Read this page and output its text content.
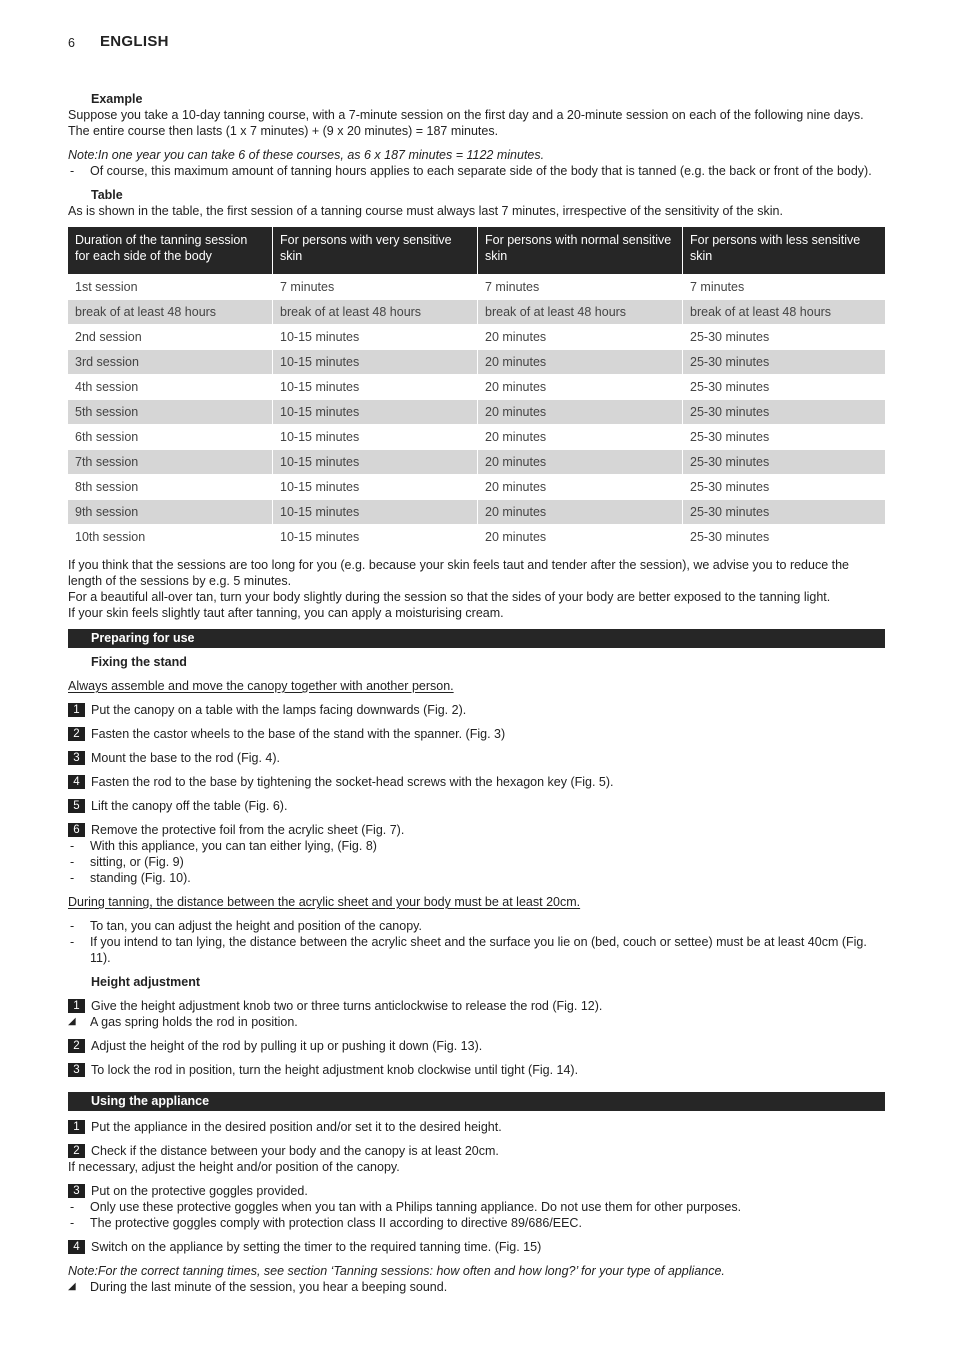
6 ENGLISH

Example

Suppose you take a 10-day tanning course, with a 7-minute session on the first day and a 20-minute session on each of the following nine days. The entire course then lasts (1 x 7 minutes) + (9 x 20 minutes) = 187 minutes.

Note:In one year you can take 6 of these courses, as 6 x 187 minutes = 1122 minutes.

-	Of course, this maximum amount of tanning hours applies to each separate side of the body that is tanned (e.g. the back or front of the body).

Table

As is shown in the table, the first session of a tanning course must always last 7 minutes, irrespective of the sensitivity of the skin.

Duration of the tanning session for each side of the body	For persons with very sensitive skin	For persons with normal sensitive skin	For persons with less sensitive skin
1st session	7 minutes	7 minutes	7 minutes
break of at least 48 hours	break of at least 48 hours	break of at least 48 hours	break of at least 48 hours
2nd session	10-15 minutes	20 minutes	25-30 minutes
3rd session	10-15 minutes	20 minutes	25-30 minutes
4th session	10-15 minutes	20 minutes	25-30 minutes
5th session	10-15 minutes	20 minutes	25-30 minutes
6th session	10-15 minutes	20 minutes	25-30 minutes
7th session	10-15 minutes	20 minutes	25-30 minutes
8th session	10-15 minutes	20 minutes	25-30 minutes
9th session	10-15 minutes	20 minutes	25-30 minutes
10th session	10-15 minutes	20 minutes	25-30 minutes

If you think that the sessions are too long for you (e.g. because your skin feels taut and tender after the session), we advise you to reduce the length of the sessions by e.g. 5 minutes.

For a beautiful all-over tan, turn your body slightly during the session so that the sides of your body are better exposed to the tanning light.

If your skin feels slightly taut after tanning, you can apply a moisturising cream.

Preparing for use

Fixing the stand

Always assemble and move the canopy together with another person.

1 Put the canopy on a table with the lamps facing downwards (Fig. 2).
2 Fasten the castor wheels to the base of the stand with the spanner. (Fig. 3)
3 Mount the base to the rod (Fig. 4).
4 Fasten the rod to the base by tightening the socket-head screws with the hexagon key (Fig. 5).
5 Lift the canopy off the table (Fig. 6).
6 Remove the protective foil from the acrylic sheet (Fig. 7).
-	With this appliance, you can tan either lying, (Fig. 8)
-	sitting, or (Fig. 9)
-	standing (Fig. 10).

During tanning, the distance between the acrylic sheet and your body must be at least 20cm.

-	To tan, you can adjust the height and position of the canopy.
-	If you intend to tan lying, the distance between the acrylic sheet and the surface you lie on (bed, couch or settee) must be at least 40cm (Fig. 11).

Height adjustment

1 Give the height adjustment knob two or three turns anticlockwise to release the rod (Fig. 12).
◢	A gas spring holds the rod in position.
2 Adjust the height of the rod by pulling it up or pushing it down (Fig. 13).
3 To lock the rod in position, turn the height adjustment knob clockwise until tight (Fig. 14).
Using the appliance
1 Put the appliance in the desired position and/or set it to the desired height.
2 Check if the distance between your body and the canopy is at least 20cm.

If necessary, adjust the height and/or position of the canopy.

3 Put on the protective goggles provided.
-	Only use these protective goggles when you tan with a Philips tanning appliance. Do not use them for other purposes.
-	The protective goggles comply with protection class II according to directive 89/686/EEC.
4 Switch on the appliance by setting the timer to the required tanning time. (Fig. 15)

Note:For the correct tanning times, see section ‘Tanning sessions: how often and how long?’ for your type of appliance.

◢	During the last minute of the session, you hear a beeping sound.
